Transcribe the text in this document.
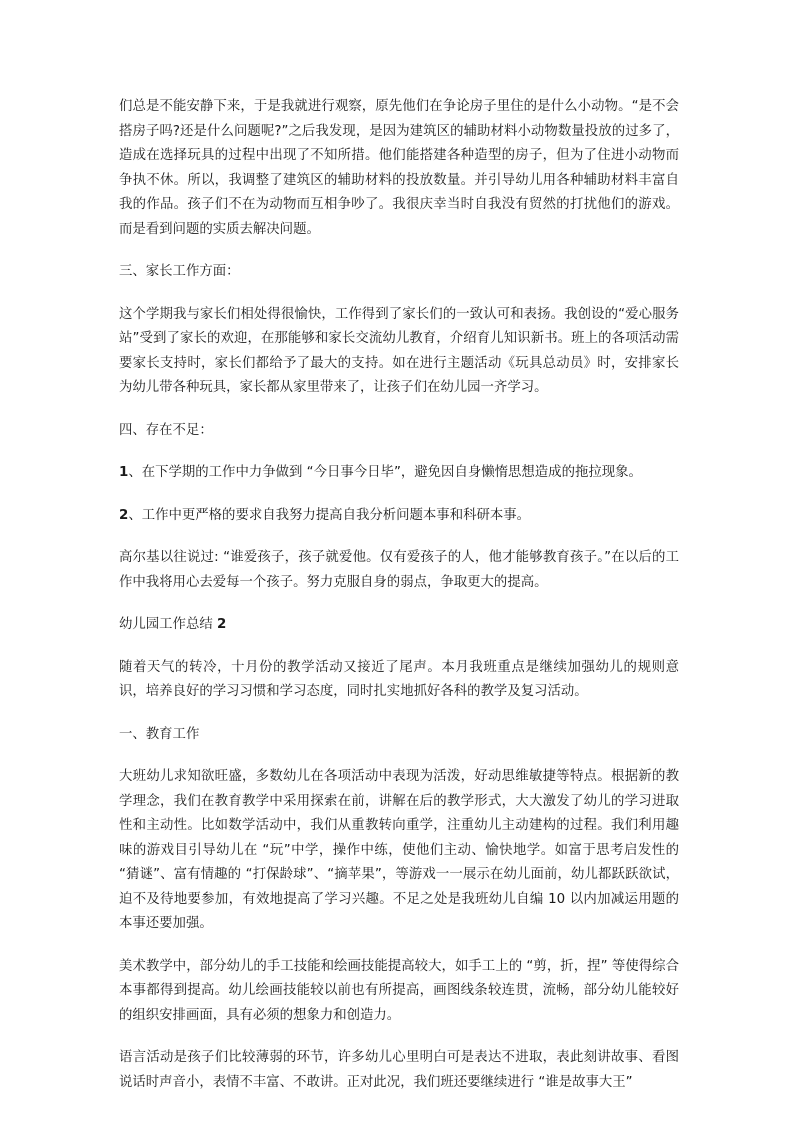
们总是不能安静下来，于是我就进行观察，原先他们在争论房子里住的是什么小动物。“是不会搭房子吗?还是什么问题呢?”之后我发现，是因为建筑区的辅助材料小动物数量投放的过多了，造成在选择玩具的过程中出现了不知所措。他们能搭建各种造型的房子，但为了住进小动物而争执不休。所以，我调整了建筑区的辅助材料的投放数量。并引导幼儿用各种辅助材料丰富自我的作品。孩子们不在为动物而互相争吵了。我很庆幸当时自我没有贸然的打扰他们的游戏。而是看到问题的实质去解决问题。

三、家长工作方面：

这个学期我与家长们相处得很愉快，工作得到了家长们的一致认可和表扬。我创设的“爱心服务站”受到了家长的欢迎，在那能够和家长交流幼儿教育，介绍育儿知识新书。班上的各项活动需要家长支持时，家长们都给予了最大的支持。如在进行主题活动《玩具总动员》时，安排家长为幼儿带各种玩具，家长都从家里带来了，让孩子们在幼儿园一齐学习。

四、存在不足：

1、在下学期的工作中力争做到 “今日事今日毕”，避免因自身懒惰思想造成的拖拉现象。

2、工作中更严格的要求自我努力提高自我分析问题本事和科研本事。

高尔基以往说过: “谁爱孩子，孩子就爱他。仅有爱孩子的人，他才能够教育孩子。”在以后的工作中我将用心去爱每一个孩子。努力克服自身的弱点，争取更大的提高。

幼儿园工作总结 2

随着天气的转冷，十月份的教学活动又接近了尾声。本月我班重点是继续加强幼儿的规则意识，培养良好的学习习惯和学习态度，同时扎实地抓好各科的教学及复习活动。

一、教育工作

大班幼儿求知欲旺盛，多数幼儿在各项活动中表现为活泼，好动思维敏捷等特点。根据新的教学理念，我们在教育教学中采用探索在前，讲解在后的教学形式，大大激发了幼儿的学习进取性和主动性。比如数学活动中，我们从重教转向重学，注重幼儿主动建构的过程。我们利用趣味的游戏目引导幼儿在 “玩”中学，操作中练，使他们主动、愉快地学。如富于思考启发性的 “猜谜”、富有情趣的 “打保龄球”、“摘苹果”，等游戏一一展示在幼儿面前，幼儿都跃跃欲试，迫不及待地要参加，有效地提高了学习兴趣。不足之处是我班幼儿自编 10 以内加减运用题的本事还要加强。

美术教学中，部分幼儿的手工技能和绘画技能提高较大，如手工上的 “剪，折，捏” 等使得综合本事都得到提高。幼儿绘画技能较以前也有所提高，画图线条较连贯，流畅，部分幼儿能较好的组织安排画面，具有必须的想象力和创造力。

语言活动是孩子们比较薄弱的环节，许多幼儿心里明白可是表达不进取，表此刻讲故事、看图说话时声音小，表情不丰富、不敢讲。正对此况，我们班还要继续进行 “谁是故事大王”
